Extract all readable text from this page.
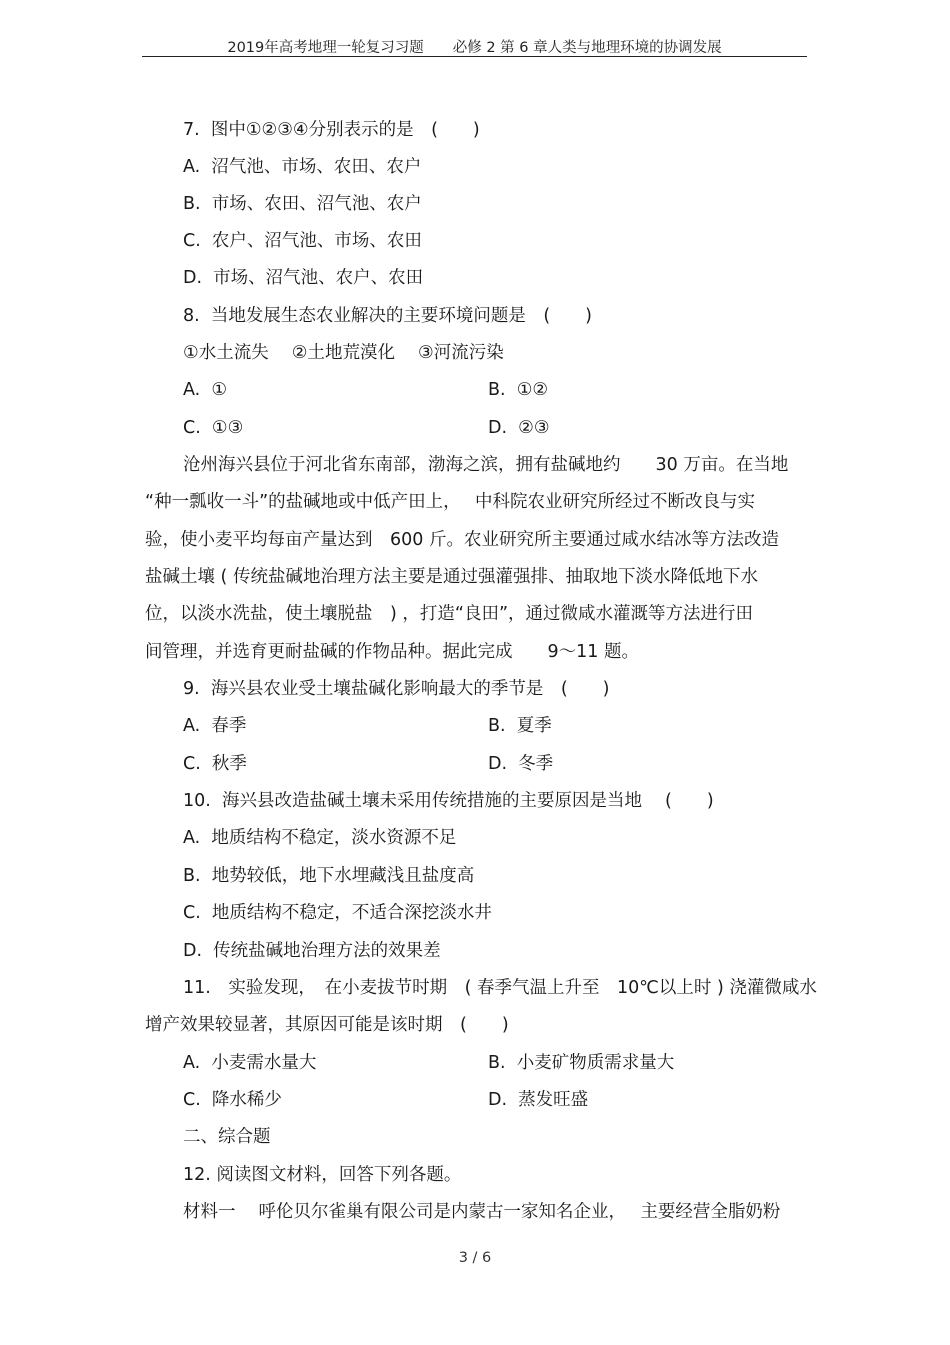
2019年高考地理一轮复习习题　　必修 2 第 6 章人类与地理环境的协调发展
7.  图中①②③④分别表示的是　(　　)
A.  沼气池、市场、农田、农户
B.  市场、农田、沼气池、农户
C.  农户、沼气池、市场、农田
D.  市场、沼气池、农户、农田
8.  当地发展生态农业解决的主要环境问题是　(　　)
①水土流失　 ②土地荒漠化　 ③河流污染
A.  ①	B.  ①②
C.  ①③	D.  ②③
沧州海兴县位于河北省东南部，渤海之滨，拥有盐碱地约　　30 万亩。在当地
“种一瓢收一斗”的盐碱地或中低产田上，　 中科院农业研究所经过不断改良与实
验，使小麦平均每亩产量达到　600 斤。农业研究所主要通过咸水结冰等方法改造
盐碱土壤 ( 传统盐碱地治理方法主要是通过强灌强排、抽取地下淡水降低地下水
位，以淡水洗盐，使土壤脱盐　) ，打造“良田”，通过微咸水灌溉等方法进行田
间管理，并选育更耐盐碱的作物品种。据此完成　　9～11 题。
9.  海兴县农业受土壤盐碱化影响最大的季节是　(　　)
A.  春季	B.  夏季
C.  秋季	D.  冬季
10.  海兴县改造盐碱土壤未采用传统措施的主要原因是当地　 (　　)
A.  地质结构不稳定，淡水资源不足
B.  地势较低，地下水埋藏浅且盐度高
C.  地质结构不稳定，不适合深挖淡水井
D.  传统盐碱地治理方法的效果差
11.　实验发现，　在小麦拔节时期　( 春季气温上升至　10℃以上时 ) 浇灌微咸水
增产效果较显著，其原因可能是该时期　(　　)
A.  小麦需水量大	B.  小麦矿物质需求量大
C.  降水稀少	D.  蒸发旺盛
二、综合题
12. 阅读图文材料，回答下列各题。
材料一　 呼伦贝尔雀巢有限公司是内蒙古一家知名企业，　 主要经营全脂奶粉
3 / 6
